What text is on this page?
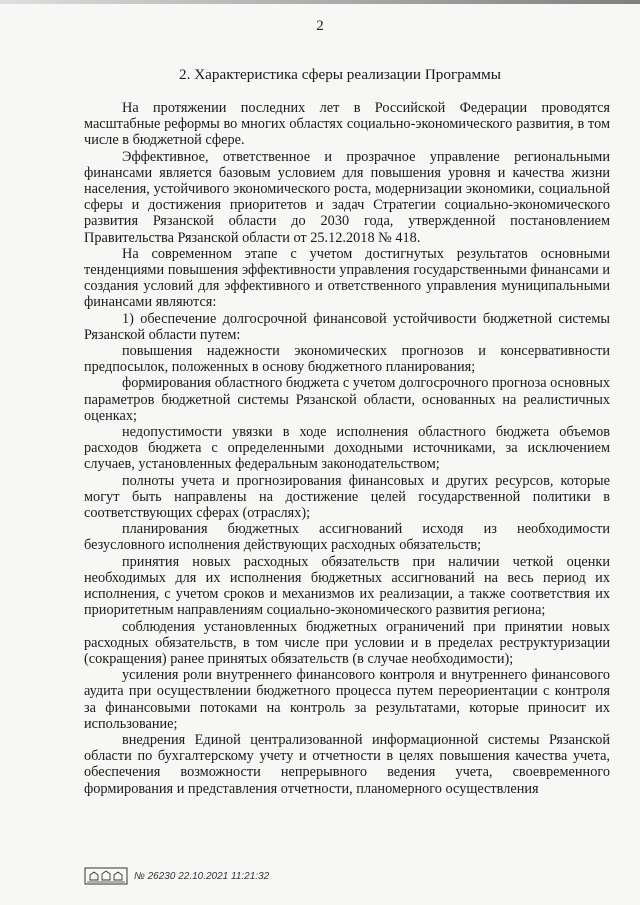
2
2. Характеристика сферы реализации Программы

На протяжении последних лет в Российской Федерации проводятся масштабные реформы во многих областях социально-экономического развития, в том числе в бюджетной сфере.

Эффективное, ответственное и прозрачное управление региональными финансами является базовым условием для повышения уровня и качества жизни населения, устойчивого экономического роста, модернизации экономики, социальной сферы и достижения приоритетов и задач Стратегии социально-экономического развития Рязанской области до 2030 года, утвержденной постановлением Правительства Рязанской области от 25.12.2018 № 418.

На современном этапе с учетом достигнутых результатов основными тенденциями повышения эффективности управления государственными финансами и создания условий для эффективного и ответственного управления муниципальными финансами являются:

1) обеспечение долгосрочной финансовой устойчивости бюджетной системы Рязанской области путем:

повышения надежности экономических прогнозов и консервативности предпосылок, положенных в основу бюджетного планирования;

формирования областного бюджета с учетом долгосрочного прогноза основных параметров бюджетной системы Рязанской области, основанных на реалистичных оценках;

недопустимости увязки в ходе исполнения областного бюджета объемов расходов бюджета с определенными доходными источниками, за исключением случаев, установленных федеральным законодательством;

полноты учета и прогнозирования финансовых и других ресурсов, которые могут быть направлены на достижение целей государственной политики в соответствующих сферах (отраслях);

планирования бюджетных ассигнований исходя из необходимости безусловного исполнения действующих расходных обязательств;

принятия новых расходных обязательств при наличии четкой оценки необходимых для их исполнения бюджетных ассигнований на весь период их исполнения, с учетом сроков и механизмов их реализации, а также соответствия их приоритетным направлениям социально-экономического развития региона;

соблюдения установленных бюджетных ограничений при принятии новых расходных обязательств, в том числе при условии и в пределах реструктуризации (сокращения) ранее принятых обязательств (в случае необходимости);

усиления роли внутреннего финансового контроля и внутреннего финансового аудита при осуществлении бюджетного процесса путем переориентации с контроля за финансовыми потоками на контроль за результатами, которые приносит их использование;

внедрения Единой централизованной информационной системы Рязанской области по бухгалтерскому учету и отчетности в целях повышения качества учета, обеспечения возможности непрерывного ведения учета, своевременного формирования и представления отчетности, планомерного осуществления

№ 26230 22.10.2021 11:21:32
